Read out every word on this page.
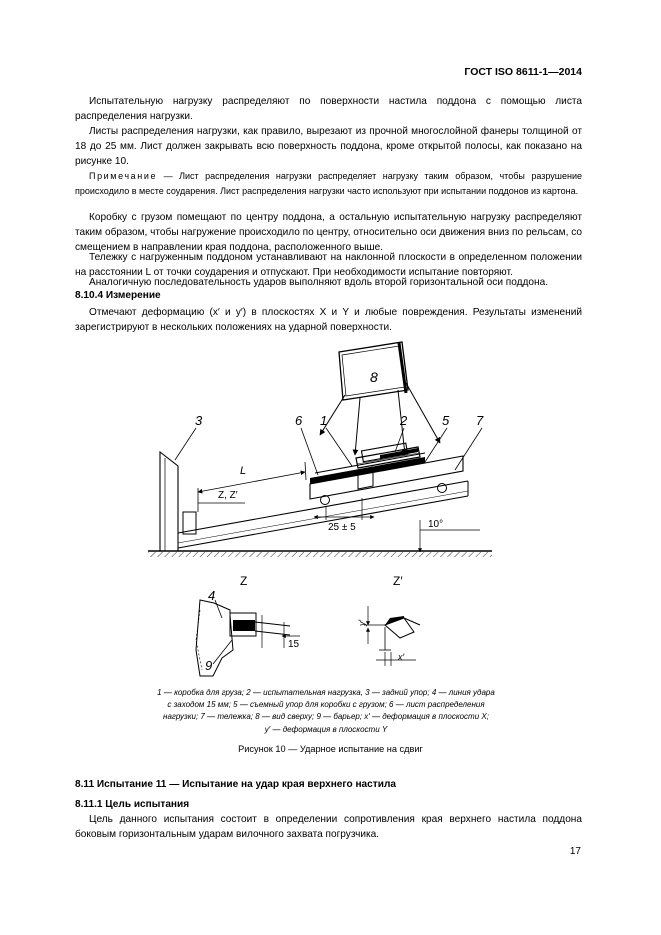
ГОСТ ISO 8611-1—2014

Испытательную нагрузку распределяют по поверхности настила поддона с помощью листа распределения нагрузки.

Листы распределения нагрузки, как правило, вырезают из прочной многослойной фанеры толщиной от 18 до 25 мм. Лист должен закрывать всю поверхность поддона, кроме открытой полосы, как показано на рисунке 10.

Примечание — Лист распределения нагрузки распределяет нагрузку таким образом, чтобы разрушение происходило в месте соударения. Лист распределения нагрузки часто используют при испытании поддонов из картона.

Коробку с грузом помещают по центру поддона, а остальную испытательную нагрузку распределяют таким образом, чтобы нагружение происходило по центру, относительно оси движения вниз по рельсам, со смещением в направлении края поддона, расположенного выше.

Тележку с нагруженным поддоном устанавливают на наклонной плоскости в определенном положении на расстоянии L от точки соударения и отпускают. При необходимости испытание повторяют.

Аналогичную последовательность ударов выполняют вдоль второй горизонтальной оси поддона.

8.10.4 Измерение

Отмечают деформацию (x′ и y′) в плоскостях X и Y и любые повреждения. Результаты изменений зарегистрируют в нескольких положениях на ударной поверхности.

3	6 1	2	5 7
8
L
Z, Z′
25 ± 5	10°
Z	Z′
4
9
15
x′
y′
1 — коробка для груза; 2 — испытательная нагрузка, 3 — задний упор; 4 — линия удара
с заходом 15 мм; 5 — съемный упор для коробки с грузом; 6 — лист распределения
нагрузки; 7 — тележка; 8 — вид сверху; 9 — барьер; x′ — деформация в плоскости X;
y′ — деформация в плоскости Y
Рисунок 10 — Ударное испытание на сдвиг
8.11 Испытание 11 — Испытание на удар края верхнего настила
8.11.1 Цель испытания

Цель данного испытания состоит в определении сопротивления края верхнего настила поддона боковым горизонтальным ударам вилочного захвата погрузчика.

17
